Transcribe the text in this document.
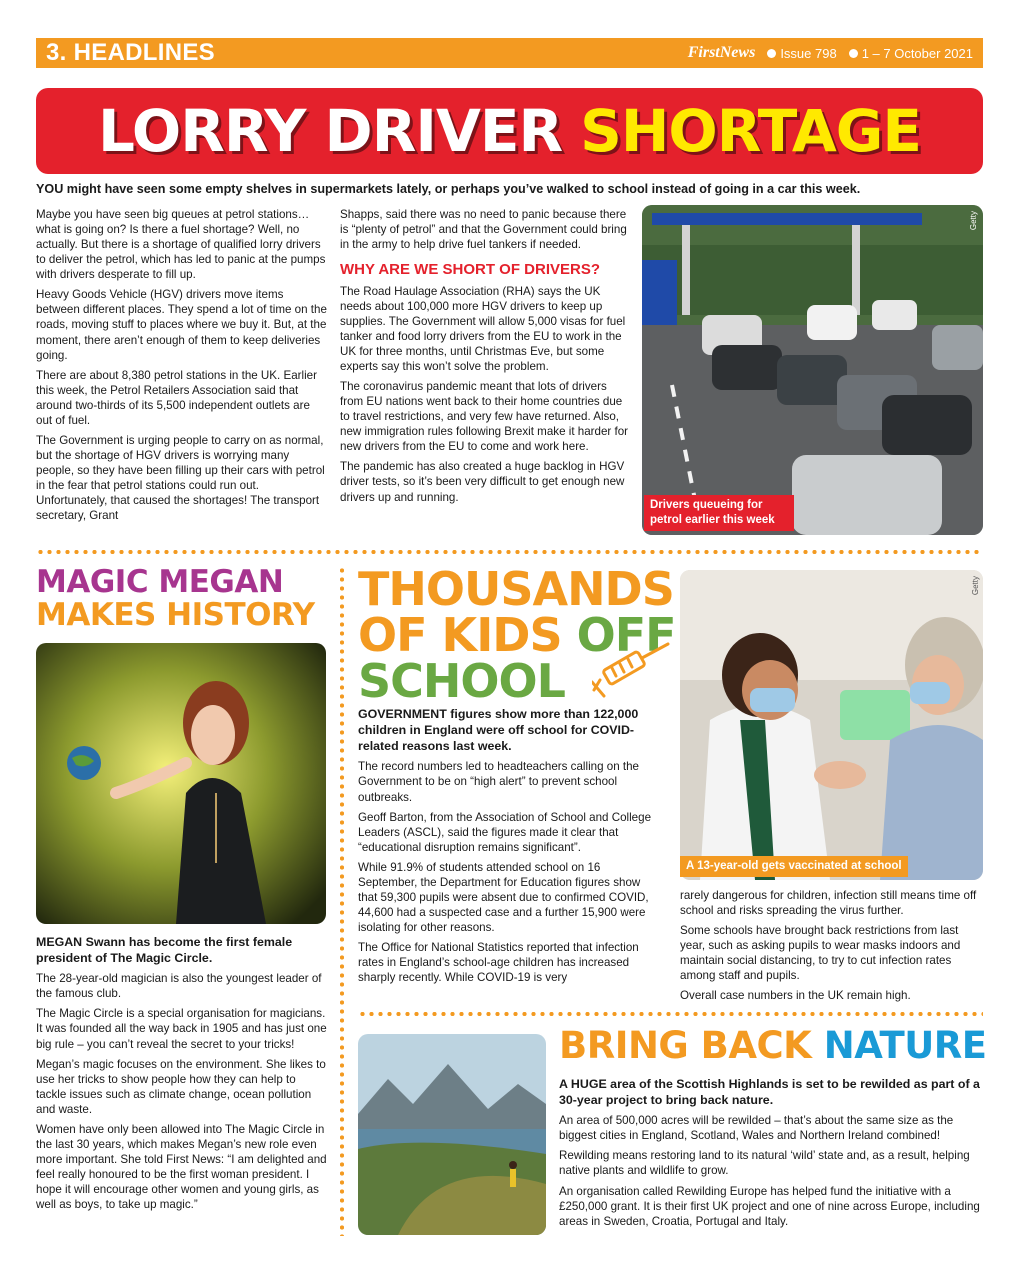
3. HEADLINES	FirstNews Issue 798 1 – 7 October 2021
LORRY DRIVER SHORTAGE
YOU might have seen some empty shelves in supermarkets lately, or perhaps you’ve walked to school instead of going in a car this week.

Maybe you have seen big queues at petrol stations… what is going on? Is there a fuel shortage? Well, no actually. But there is a shortage of qualified lorry drivers to deliver the petrol, which has led to panic at the pumps with drivers desperate to fill up.

Heavy Goods Vehicle (HGV) drivers move items between different places. They spend a lot of time on the roads, moving stuff to places where we buy it. But, at the moment, there aren’t enough of them to keep deliveries going.

There are about 8,380 petrol stations in the UK. Earlier this week, the Petrol Retailers Association said that around two-thirds of its 5,500 independent outlets are out of fuel.

The Government is urging people to carry on as normal, but the shortage of HGV drivers is worrying many people, so they have been filling up their cars with petrol in the fear that petrol stations could run out. Unfortunately, that caused the shortages! The transport secretary, Grant

Shapps, said there was no need to panic because there is “plenty of petrol” and that the Government could bring in the army to help drive fuel tankers if needed.

WHY ARE WE SHORT OF DRIVERS?

The Road Haulage Association (RHA) says the UK needs about 100,000 more HGV drivers to keep up supplies. The Government will allow 5,000 visas for fuel tanker and food lorry drivers from the EU to work in the UK for three months, until Christmas Eve, but some experts say this won’t solve the problem.

The coronavirus pandemic meant that lots of drivers from EU nations went back to their home countries due to travel restrictions, and very few have returned. Also, new immigration rules following Brexit make it harder for new drivers from the EU to come and work here.

The pandemic has also created a huge backlog in HGV driver tests, so it’s been very difficult to get enough new drivers up and running.

Getty
Drivers queueing for petrol earlier this week
MAGIC MEGAN
MAKES HISTORY

MEGAN Swann has become the first female president of The Magic Circle.

The 28-year-old magician is also the youngest leader of the famous club.

The Magic Circle is a special organisation for magicians. It was founded all the way back in 1905 and has just one big rule – you can’t reveal the secret to your tricks!

Megan’s magic focuses on the environment. She likes to use her tricks to show people how they can help to tackle issues such as climate change, ocean pollution and waste.

Women have only been allowed into The Magic Circle in the last 30 years, which makes Megan’s new role even more important. She told First News: “I am delighted and feel really honoured to be the first woman president. I hope it will encourage other women and young girls, as well as boys, to take up magic.”

THOUSANDS
OF KIDS OFF
SCHOOL

GOVERNMENT figures show more than 122,000 children in England were off school for COVID-related reasons last week.

The record numbers led to headteachers calling on the Government to be on “high alert” to prevent school outbreaks.

Geoff Barton, from the Association of School and College Leaders (ASCL), said the figures made it clear that “educational disruption remains significant”.

While 91.9% of students attended school on 16 September, the Department for Education figures show that 59,300 pupils were absent due to confirmed COVID, 44,600 had a suspected case and a further 15,900 were isolating for other reasons.

The Office for National Statistics reported that infection rates in England’s school-age children has increased sharply recently. While COVID-19 is very

Getty
A 13-year-old gets vaccinated at school

rarely dangerous for children, infection still means time off school and risks spreading the virus further.

Some schools have brought back restrictions from last year, such as asking pupils to wear masks indoors and maintain social distancing, to try to cut infection rates among staff and pupils.

Overall case numbers in the UK remain high.

BRING BACK NATURE

A HUGE area of the Scottish Highlands is set to be rewilded as part of a 30-year project to bring back nature.

An area of 500,000 acres will be rewilded – that’s about the same size as the biggest cities in England, Scotland, Wales and Northern Ireland combined!

Rewilding means restoring land to its natural ‘wild’ state and, as a result, helping native plants and wildlife to grow.

An organisation called Rewilding Europe has helped fund the initiative with a £250,000 grant. It is their first UK project and one of nine across Europe, including areas in Sweden, Croatia, Portugal and Italy.
